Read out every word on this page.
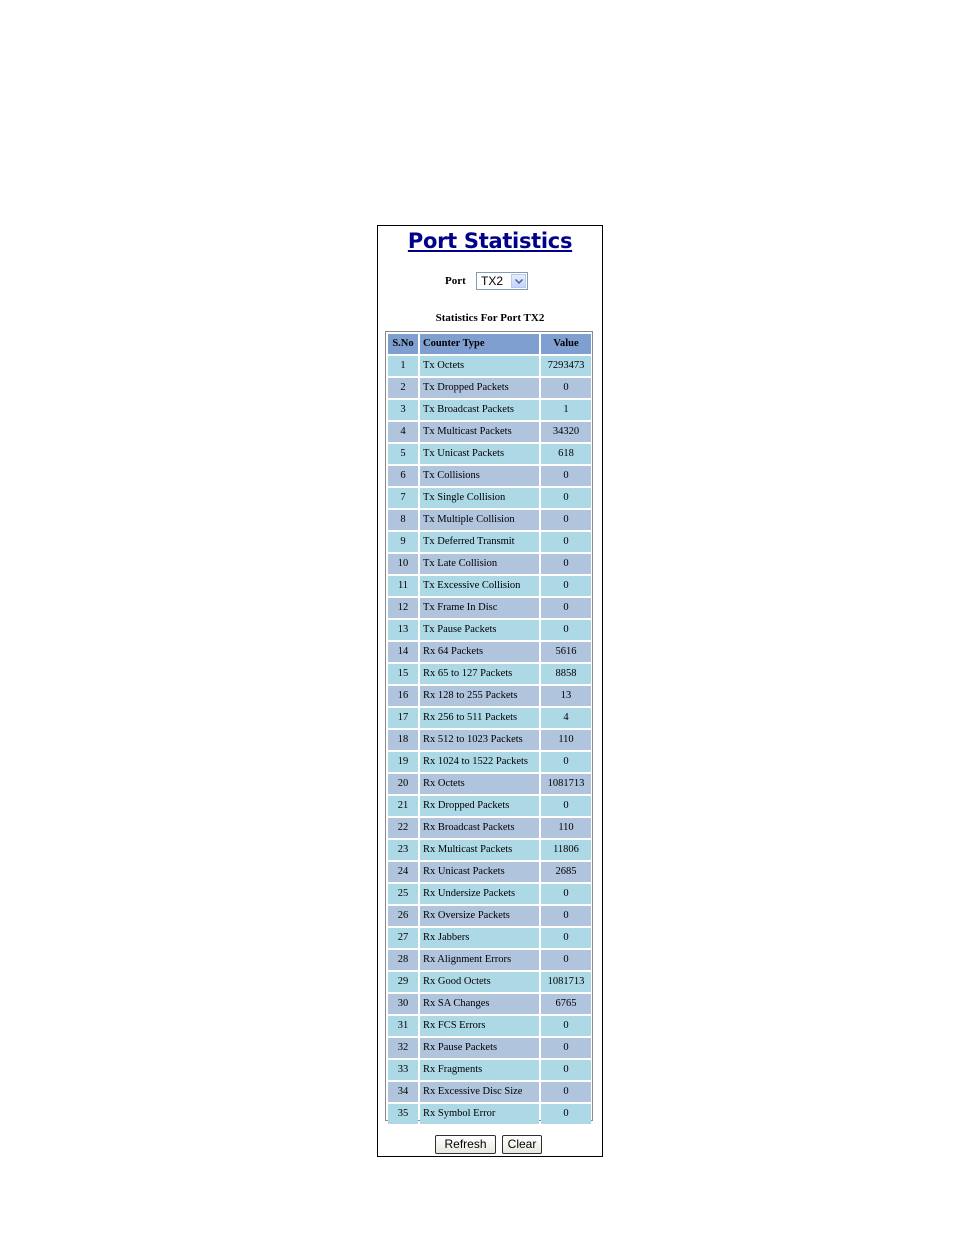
Port Statistics
Port TX2
Statistics For Port TX2
S.No Counter Type	Value
1	Tx Octets	7293473
2	Tx Dropped Packets	0
3	Tx Broadcast Packets	1
4	Tx Multicast Packets	34320
5	Tx Unicast Packets	618
6	Tx Collisions	0
7	Tx Single Collision	0
8	Tx Multiple Collision	0
9	Tx Deferred Transmit	0
10	Tx Late Collision	0
11	Tx Excessive Collision	0
12	Tx Frame In Disc	0
13	Tx Pause Packets	0
14	Rx 64 Packets	5616
15	Rx 65 to 127 Packets	8858
16	Rx 128 to 255 Packets	13
17	Rx 256 to 511 Packets	4
18	Rx 512 to 1023 Packets	110
19	Rx 1024 to 1522 Packets	0
20	Rx Octets	1081713
21	Rx Dropped Packets	0
22	Rx Broadcast Packets	110
23	Rx Multicast Packets	11806
24	Rx Unicast Packets	2685
25	Rx Undersize Packets	0
26	Rx Oversize Packets	0
27	Rx Jabbers	0
28	Rx Alignment Errors	0
29	Rx Good Octets	1081713
30	Rx SA Changes	6765
31	Rx FCS Errors	0
32	Rx Pause Packets	0
33	Rx Fragments	0
34	Rx Excessive Disc Size	0
35	Rx Symbol Error	0
Refresh	Clear
